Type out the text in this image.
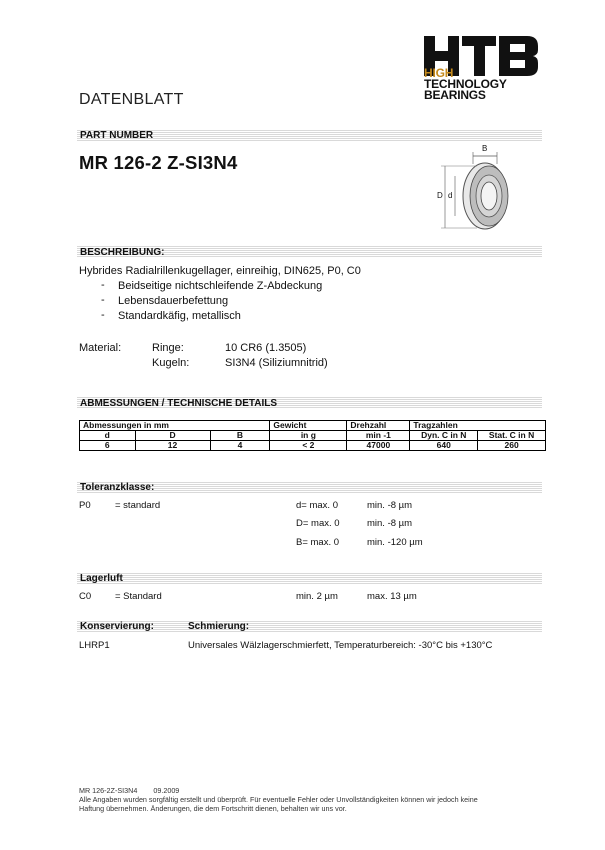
DATENBLATT
HIGH
TECHNOLOGY
BEARINGS
PART NUMBER
MR 126-2 Z-SI3N4
B
D d
BESCHREIBUNG:
Hybrides Radialrillenkugellager, einreihig, DIN625, P0, C0
- Beidseitige nichtschleifende Z-Abdeckung
- Lebensdauerbefettung
- Standardkäfig, metallisch
Material:	Ringe:	10 CR6 (1.3505)
Kugeln:	SI3N4 (Siliziumnitrid)
ABMESSUNGEN / TECHNISCHE DETAILS
Abmessungen in mm			Gewicht	Drehzahl	Tragzahlen	
d	D	B	in g	min -1	Dyn. C in N	Stat. C in N
6	12	4	< 2	47000	640	260
Toleranzklasse:
P0	= standard	d= max. 0	min. -8 µm
D= max. 0	min. -8 µm
B= max. 0	min. -120 µm
Lagerluft
C0	= Standard	min. 2 µm	max. 13 µm
Konservierung:	Schmierung:
LHRP1	Universales Wälzlagerschmierfett, Temperaturbereich: -30°C bis +130°C
MR 126-2Z-SI3N4 09.2009
Alle Angaben wurden sorgfältig erstellt und überprüft. Für eventuelle Fehler oder Unvollständigkeiten können wir jedoch keine
Haftung übernehmen. Änderungen, die dem Fortschritt dienen, behalten wir uns vor.
